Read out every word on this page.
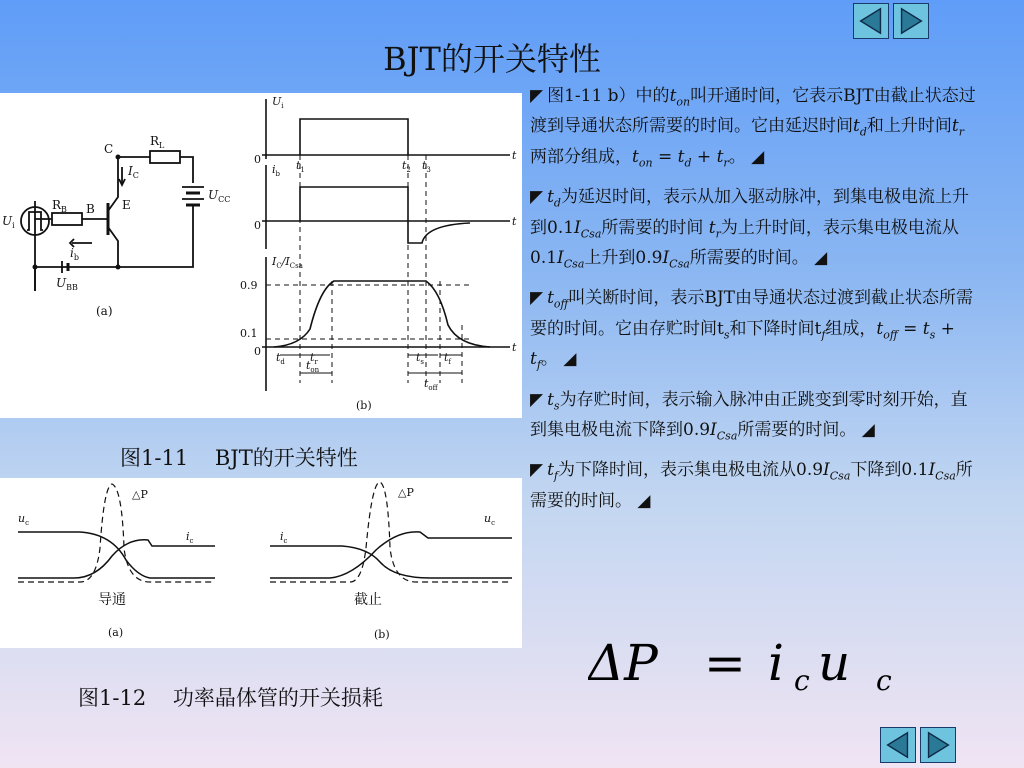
BJT的开关特性
$R_B$ B
C
E
$I_C$
$i_b$
$R_L$
$U_{CC}$
$U_i$
$U_{BB}$
(a)
$U_i$
$i_b$
$I_C/I_{Csa}$
t
t
t
0
0
0
$t_1$	$t_2$ $t_3$
0.9
0.1
$t_d$ $t_r$	$t_s$ $t_f$
$t_{on}$
$t_{off}$
(b)
图1-11    BJT的开关特性
$u_c$
$i_c$
△P
导通
(a)
$i_c$
$u_c$
△P
截止
(b)
图1-12    功率晶体管的开关损耗
◤ 图1-11 b）中的$t_{on}$叫开通时间，它表示BJT由截止状态过渡到导通状态所需要的时间。它由延迟时间$t_d$和上升时间$t_r$两部分组成，$t_{on} = t_d + t_r$。 ◢
◤ $t_d$为延迟时间，表示从加入驱动脉冲，到集电极电流上升到$0.1I_{Csa}$所需要的时间 $t_r$为上升时间，表示集电极电流从$0.1I_{Csa}$上升到$0.9I_{Csa}$所需要的时间。 ◢
◤ $t_{off}$叫关断时间，表示BJT由导通状态过渡到截止状态所需要的时间。它由存贮时间$t_s$和下降时间$t_f$组成，$t_{off} = t_s + t_f$。 ◢
◤ $t_s$为存贮时间，表示输入脉冲由正跳变到零时刻开始，直到集电极电流下降到$0.9I_{Csa}$所需要的时间。 ◢
◤ $t_f$为下降时间，表示集电极电流从$0.9I_{Csa}$下降到$0.1I_{Csa}$所需要的时间。 ◢
ΔP = i c u c
